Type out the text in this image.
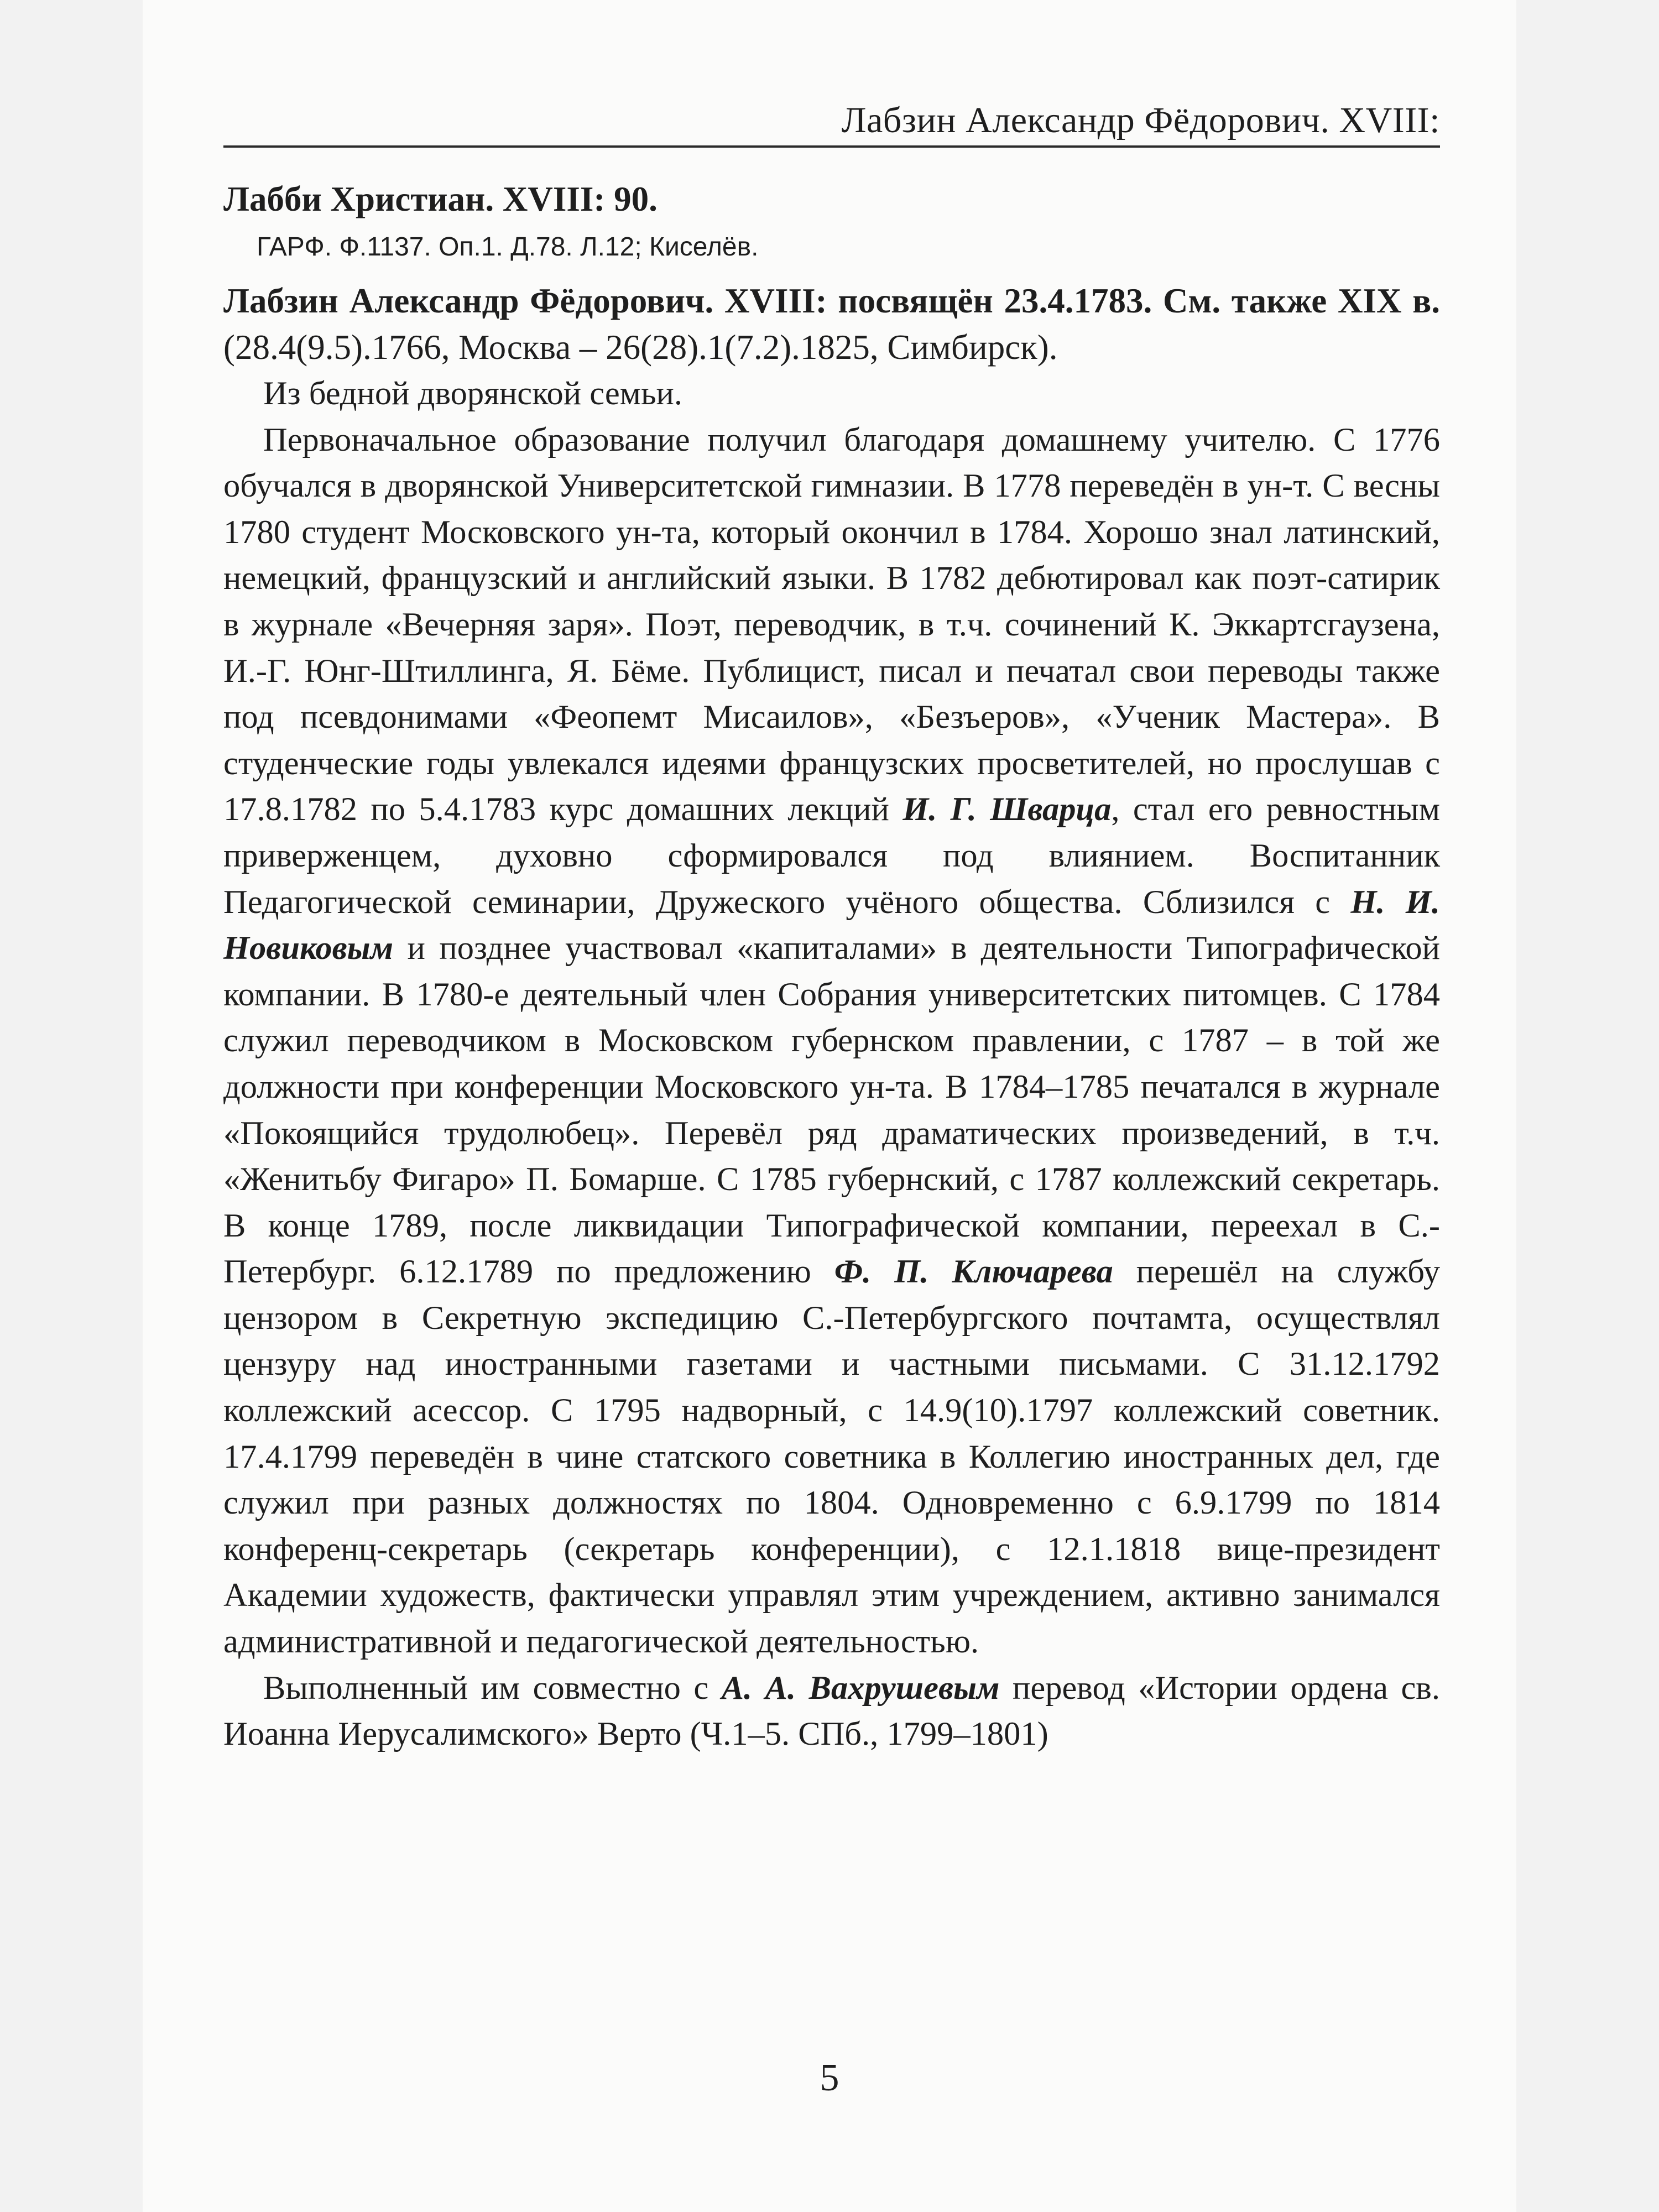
Лабзин Александр Фёдорович. XVIII:

Лабби Христиан. XVIII: 90.

ГАРФ. Ф.1137. Оп.1. Д.78. Л.12; Киселёв.

Лабзин Александр Фёдорович. XVIII: посвящён 23.4.1783. См. также XIX в. (28.4(9.5).1766, Москва – 26(28).1(7.2).1825, Симбирск).

Из бедной дворянской семьи.

Первоначальное образование получил благодаря домашнему учителю. С 1776 обучался в дворянской Университетской гимназии. В 1778 переведён в ун-т. С весны 1780 студент Московского ун-та, который окончил в 1784. Хорошо знал латинский, немецкий, французский и английский языки. В 1782 дебютировал как поэт-сатирик в журнале «Вечерняя заря». Поэт, переводчик, в т.ч. сочинений К. Эккартсгаузена, И.-Г. Юнг-Штиллинга, Я. Бёме. Публицист, писал и печатал свои переводы также под псевдонимами «Феопемт Мисаилов», «Безъеров», «Ученик Мастера». В студенческие годы увлекался идеями французских просветителей, но прослушав с 17.8.1782 по 5.4.1783 курс домашних лекций И. Г. Шварца, стал его ревностным приверженцем, духовно сформировался под влиянием. Воспитанник Педагогической семинарии, Дружеского учёного общества. Сблизился с Н. И. Новиковым и позднее участвовал «капиталами» в деятельности Типографической компании. В 1780-е деятельный член Собрания университетских питомцев. С 1784 служил переводчиком в Московском губернском правлении, с 1787 – в той же должности при конференции Московского ун-та. В 1784–1785 печатался в журнале «Покоящийся трудолюбец». Перевёл ряд драматических произведений, в т.ч. «Женитьбу Фигаро» П. Бомарше. С 1785 губернский, с 1787 коллежский секретарь. В конце 1789, после ликвидации Типографической компании, переехал в С.-Петербург. 6.12.1789 по предложению Ф. П. Ключарева перешёл на службу цензором в Секретную экспедицию С.-Петербургского почтамта, осуществлял цензуру над иностранными газетами и частными письмами. С 31.12.1792 коллежский асессор. С 1795 надворный, с 14.9(10).1797 коллежский советник. 17.4.1799 переведён в чине статского советника в Коллегию иностранных дел, где служил при разных должностях по 1804. Одновременно с 6.9.1799 по 1814 конференц-секретарь (секретарь конференции), с 12.1.1818 вице-президент Академии художеств, фактически управлял этим учреждением, активно занимался административной и педагогической деятельностью.

Выполненный им совместно с А. А. Вахрушевым перевод «Истории ордена св. Иоанна Иерусалимского» Верто (Ч.1–5. СПб., 1799–1801)

5
